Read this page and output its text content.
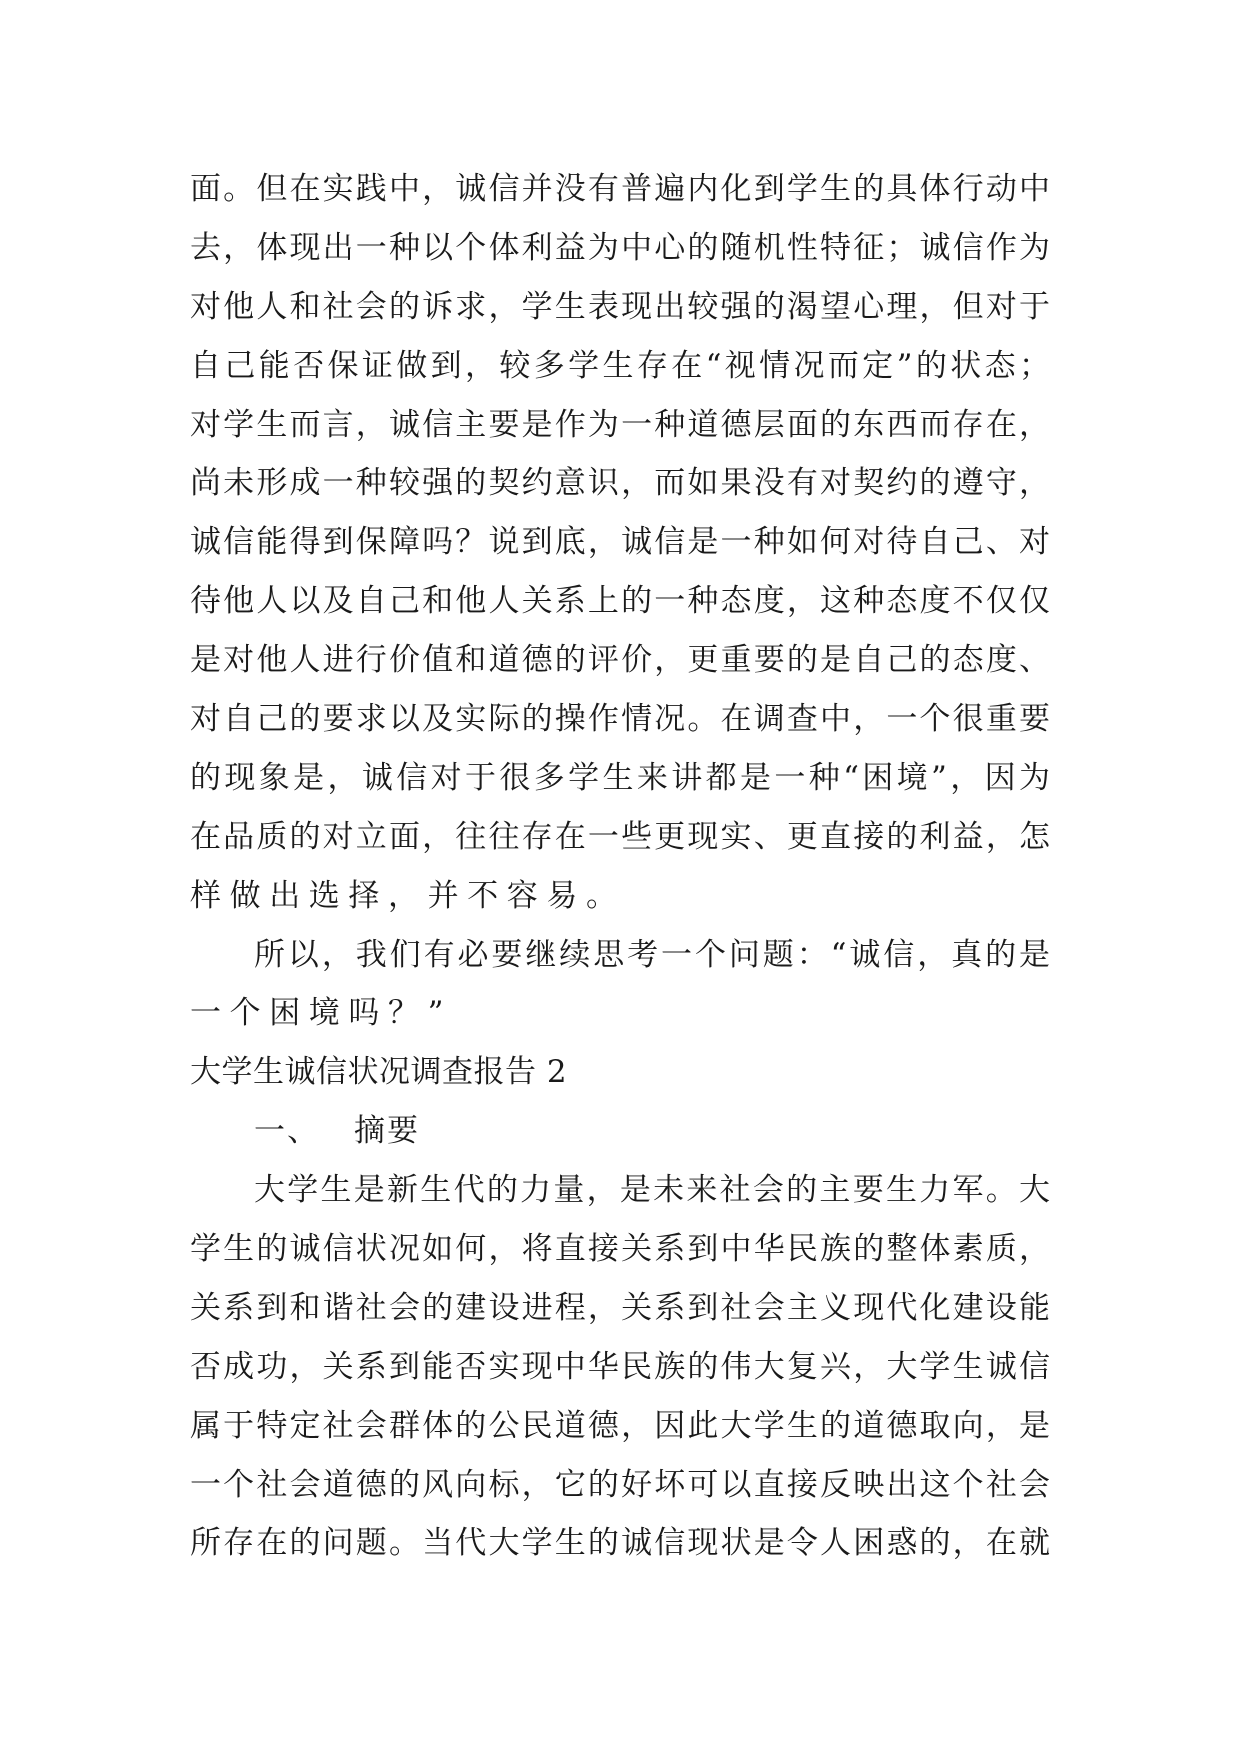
面。但在实践中，诚信并没有普遍内化到学生的具体行动中
去，体现出一种以个体利益为中心的随机性特征；诚信作为
对他人和社会的诉求，学生表现出较强的渴望心理，但对于
自己能否保证做到，较多学生存在“视情况而定”的状态；
对学生而言，诚信主要是作为一种道德层面的东西而存在，
尚未形成一种较强的契约意识，而如果没有对契约的遵守，
诚信能得到保障吗？说到底，诚信是一种如何对待自己、对
待他人以及自己和他人关系上的一种态度，这种态度不仅仅
是对他人进行价值和道德的评价，更重要的是自己的态度、
对自己的要求以及实际的操作情况。在调查中，一个很重要
的现象是，诚信对于很多学生来讲都是一种“困境”，因为
在品质的对立面，往往存在一些更现实、更直接的利益，怎
样做出选择，并不容易。
所以，我们有必要继续思考一个问题：“诚信，真的是
一个困境吗？”
大学生诚信状况调查报告 2
一、 摘要
大学生是新生代的力量，是未来社会的主要生力军。大
学生的诚信状况如何，将直接关系到中华民族的整体素质，
关系到和谐社会的建设进程，关系到社会主义现代化建设能
否成功，关系到能否实现中华民族的伟大复兴，大学生诚信
属于特定社会群体的公民道德，因此大学生的道德取向，是
一个社会道德的风向标，它的好坏可以直接反映出这个社会
所存在的问题。当代大学生的诚信现状是令人困惑的，在就
